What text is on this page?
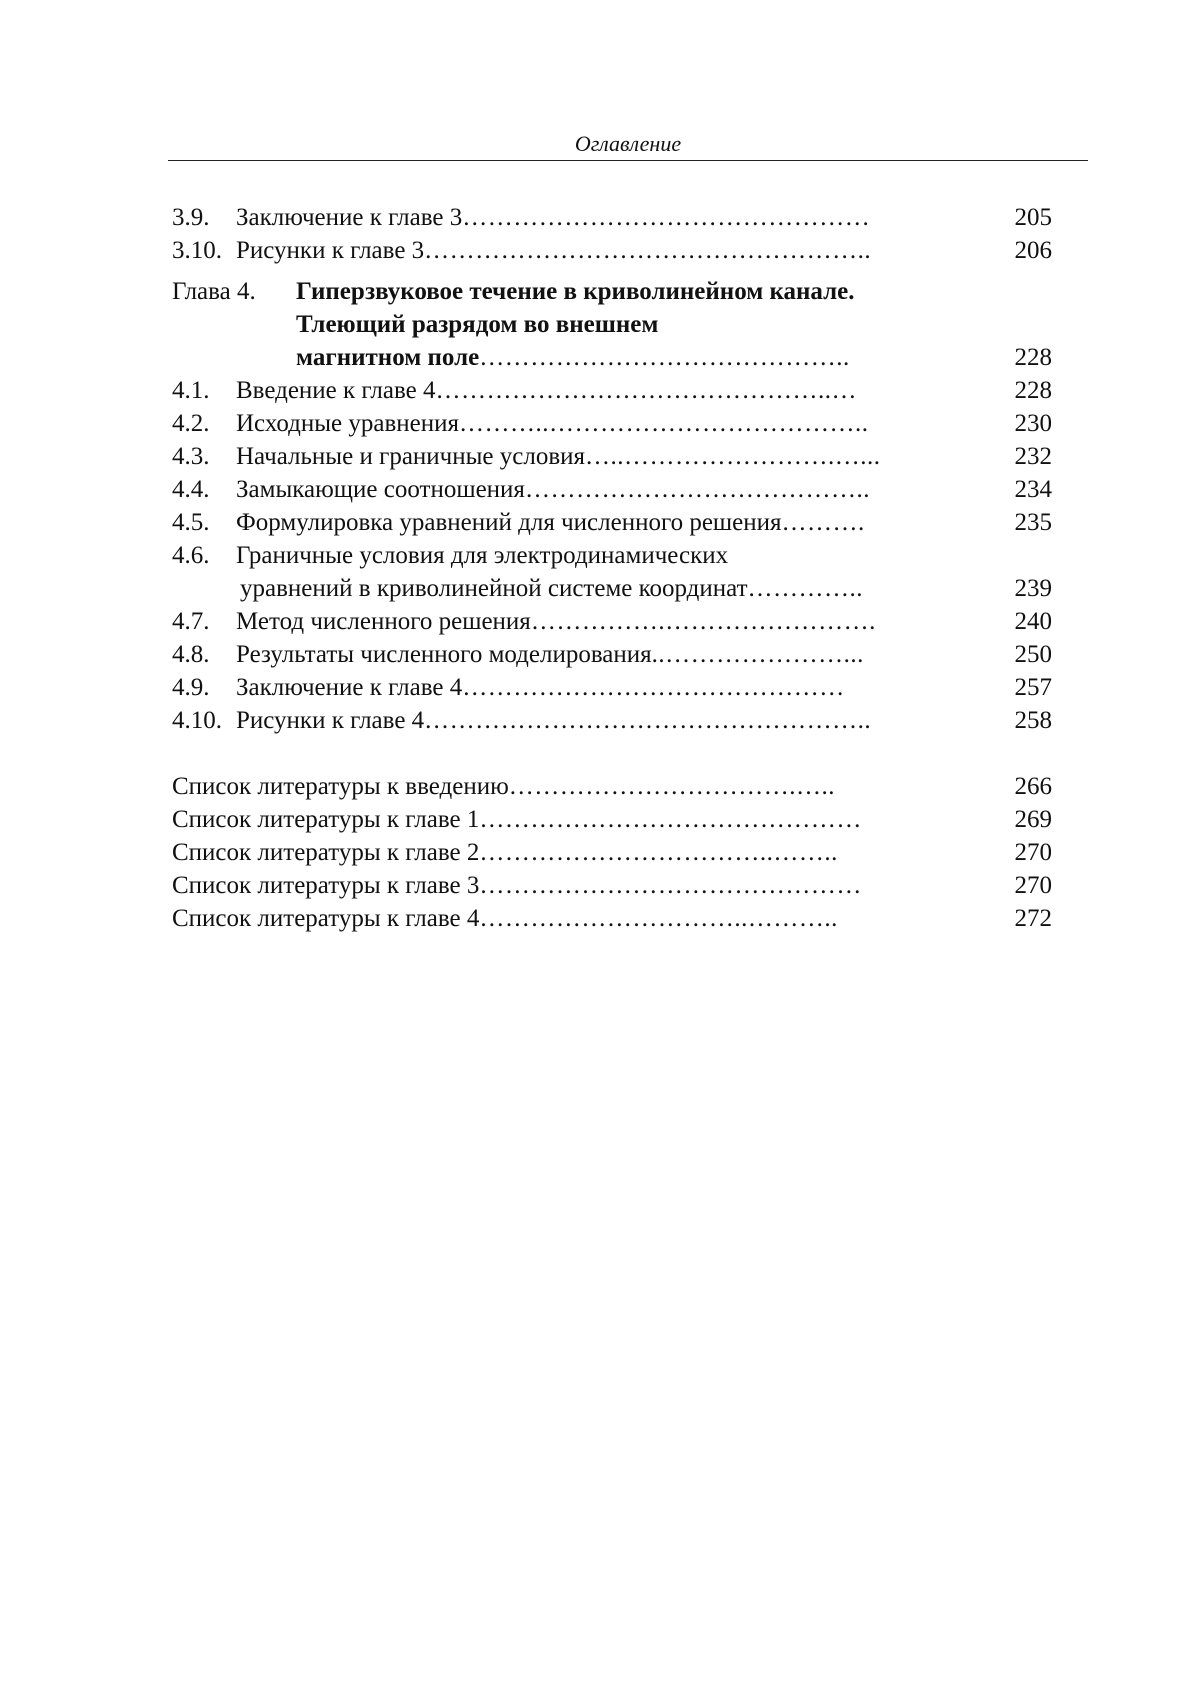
Оглавление
3.9. Заключение к главе 3…………………………………………	205
3.10. Рисунки к главе 3……………………………………………..	206
Глава 4. Гиперзвуковое течение в криволинейном канале.
Тлеющий разрядом во внешнем
магнитном поле……………………………………..	228
4.1. Введение к главе 4………………………………………..…	228
4.2. Исходные уравнения………..………………………………..	230
4.3. Начальные и граничные условия…..…………………….…...	232
4.4. Замыкающие соотношения…………………………………..	234
4.5. Формулировка уравнений для численного решения……….	235
4.6. Граничные условия для электродинамических
уравнений в криволинейной системе координат…………..	239
4.7. Метод численного решения…………….…………………….	240
4.8. Результаты численного моделирования..…………………...	250
4.9. Заключение к главе 4………………………………………	257
4.10. Рисунки к главе 4……………………………………………..	258
Список литературы к введению…………………………….…..	266
Список литературы к главе 1………………………………………	269
Список литературы к главе 2……………………………..……..	270
Список литературы к главе 3………………………………………	270
Список литературы к главе 4…………………………..………..	272
